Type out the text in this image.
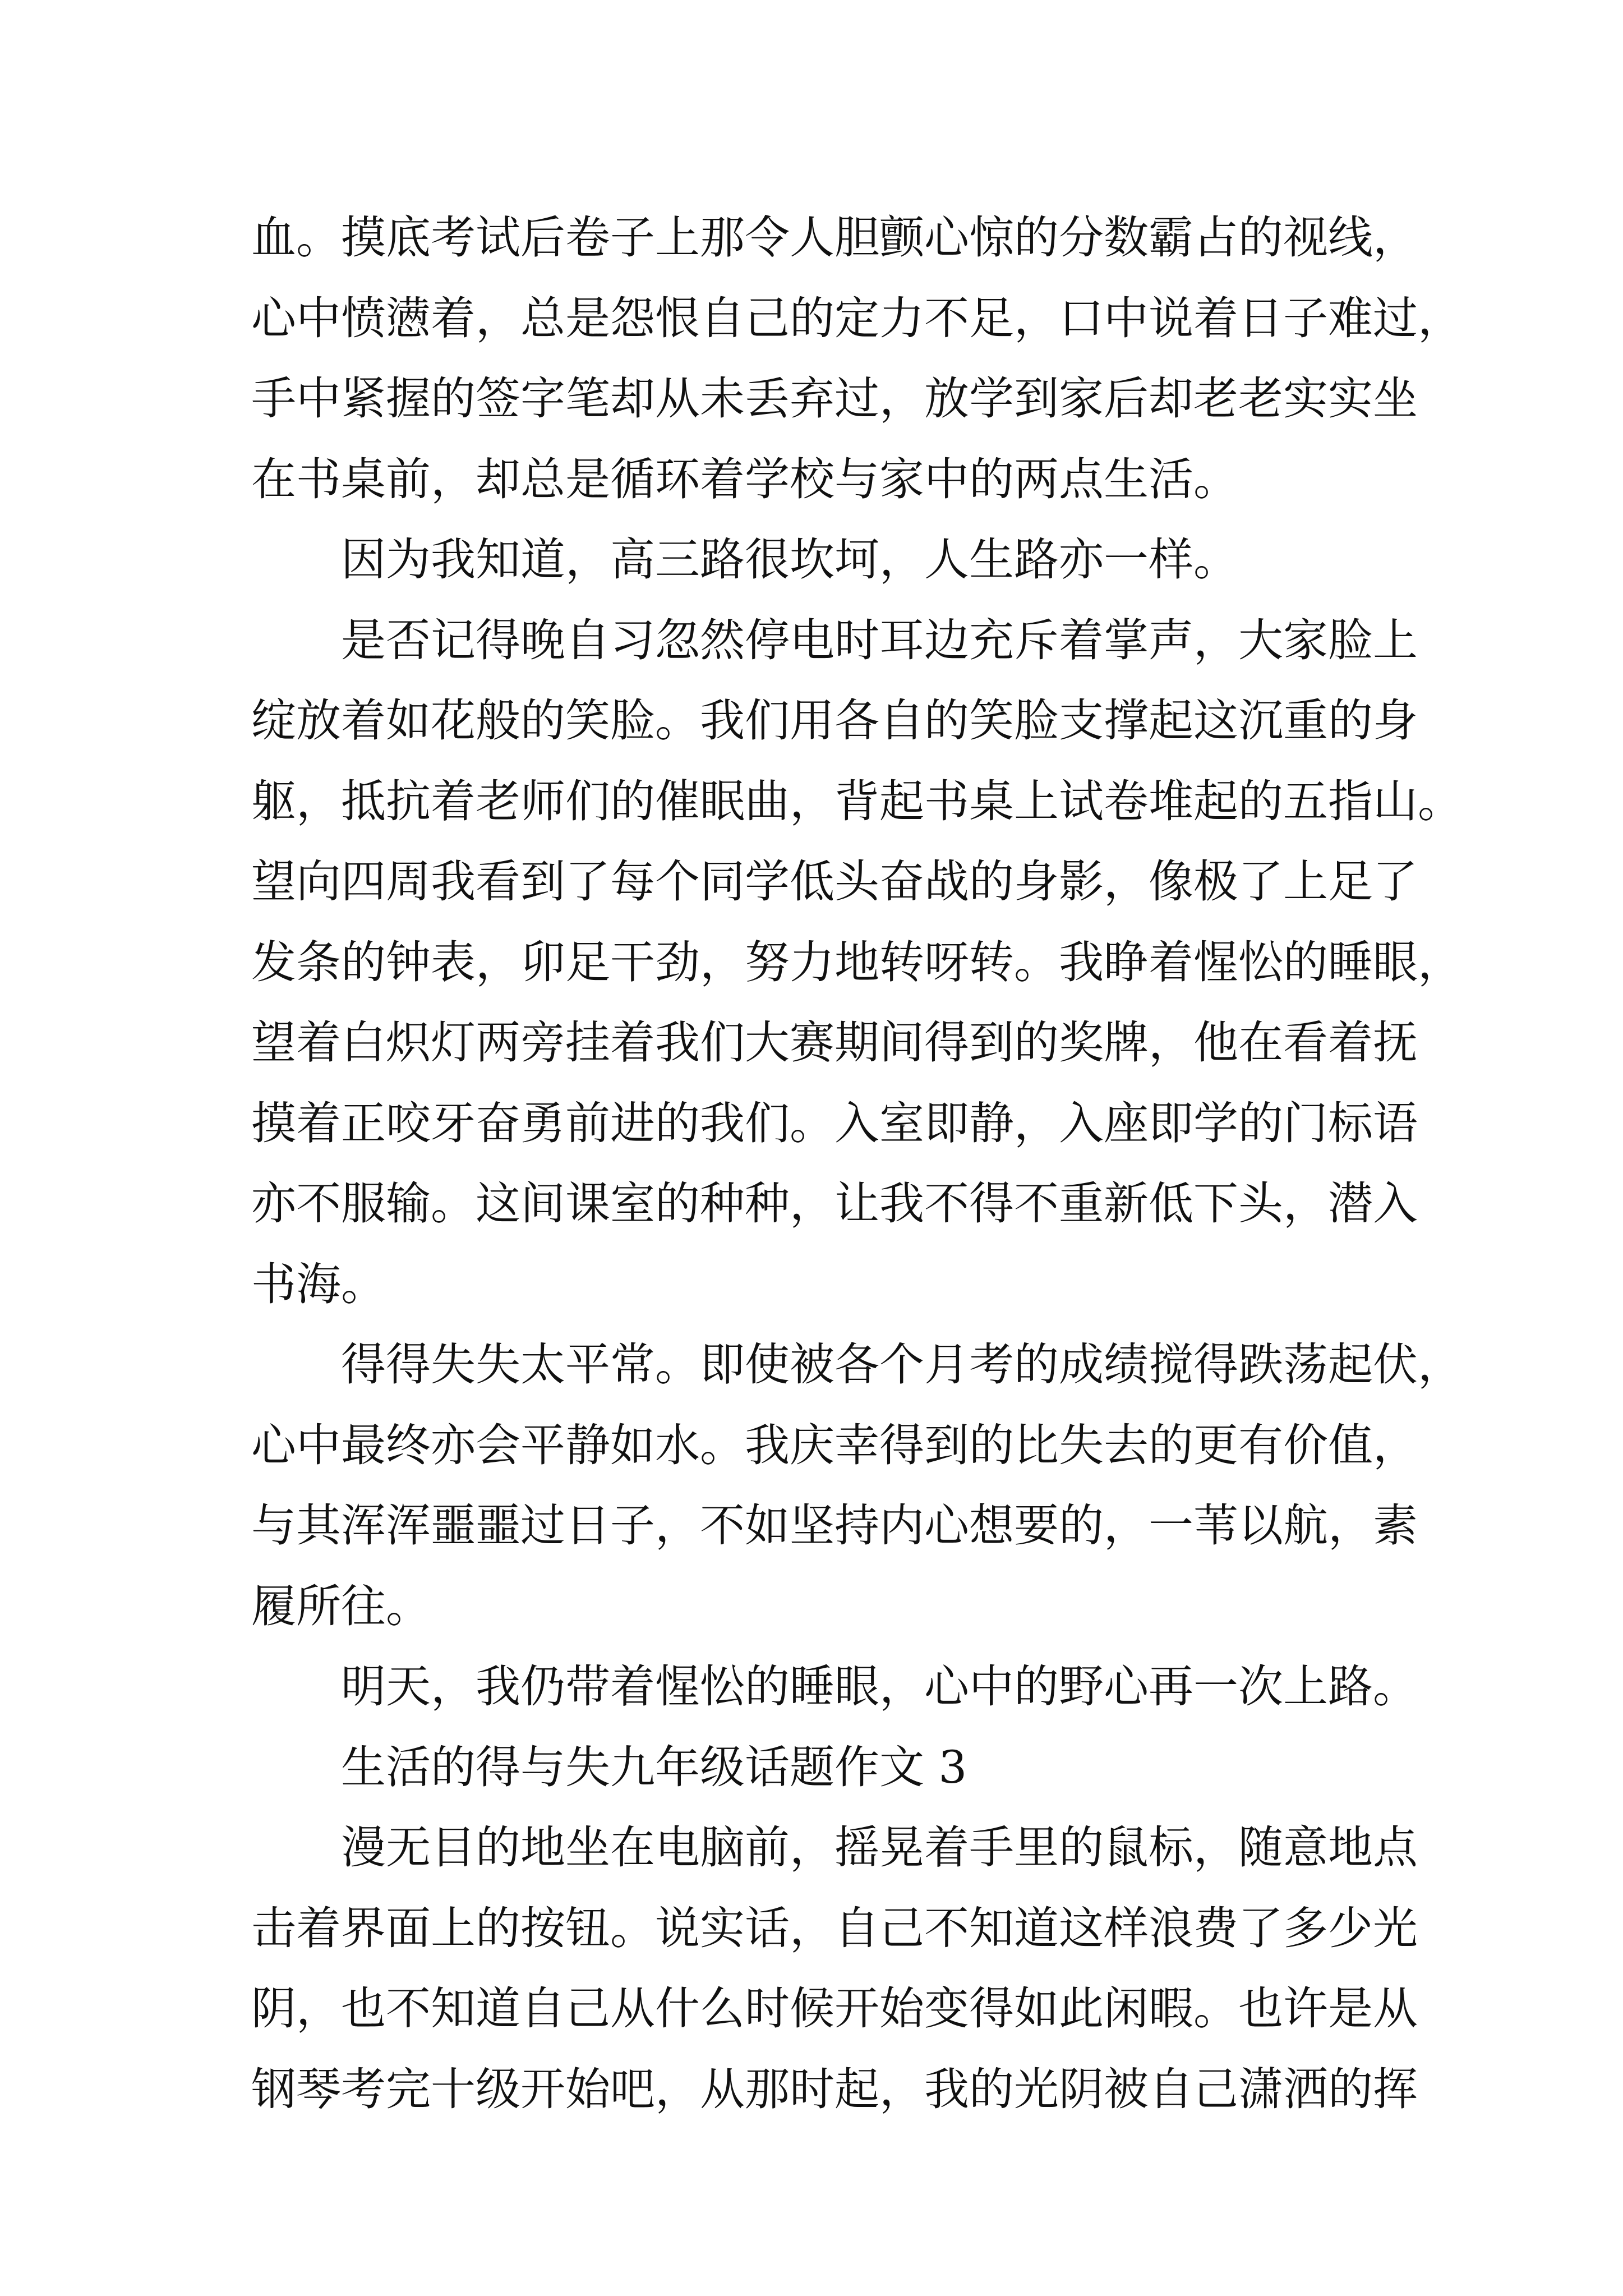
血。摸底考试后卷子上那令人胆颤心惊的分数霸占的视线，
心中愤懑着，总是怨恨自己的定力不足，口中说着日子难过，
手中紧握的签字笔却从未丢弃过，放学到家后却老老实实坐
在书桌前，却总是循环着学校与家中的两点生活。
因为我知道，高三路很坎坷，人生路亦一样。
是否记得晚自习忽然停电时耳边充斥着掌声，大家脸上
绽放着如花般的笑脸。我们用各自的笑脸支撑起这沉重的身
躯，抵抗着老师们的催眠曲，背起书桌上试卷堆起的五指山。
望向四周我看到了每个同学低头奋战的身影，像极了上足了
发条的钟表，卯足干劲，努力地转呀转。我睁着惺忪的睡眼，
望着白炽灯两旁挂着我们大赛期间得到的奖牌，他在看着抚
摸着正咬牙奋勇前进的我们。入室即静，入座即学的门标语
亦不服输。这间课室的种种，让我不得不重新低下头，潜入
书海。
得得失失太平常。即使被各个月考的成绩搅得跌荡起伏，
心中最终亦会平静如水。我庆幸得到的比失去的更有价值，
与其浑浑噩噩过日子，不如坚持内心想要的，一苇以航，素
履所往。
明天，我仍带着惺忪的睡眼，心中的野心再一次上路。
生活的得与失九年级话题作文 3
漫无目的地坐在电脑前，摇晃着手里的鼠标，随意地点
击着界面上的按钮。说实话，自己不知道这样浪费了多少光
阴，也不知道自己从什么时候开始变得如此闲暇。也许是从
钢琴考完十级开始吧，从那时起，我的光阴被自己潇洒的挥
